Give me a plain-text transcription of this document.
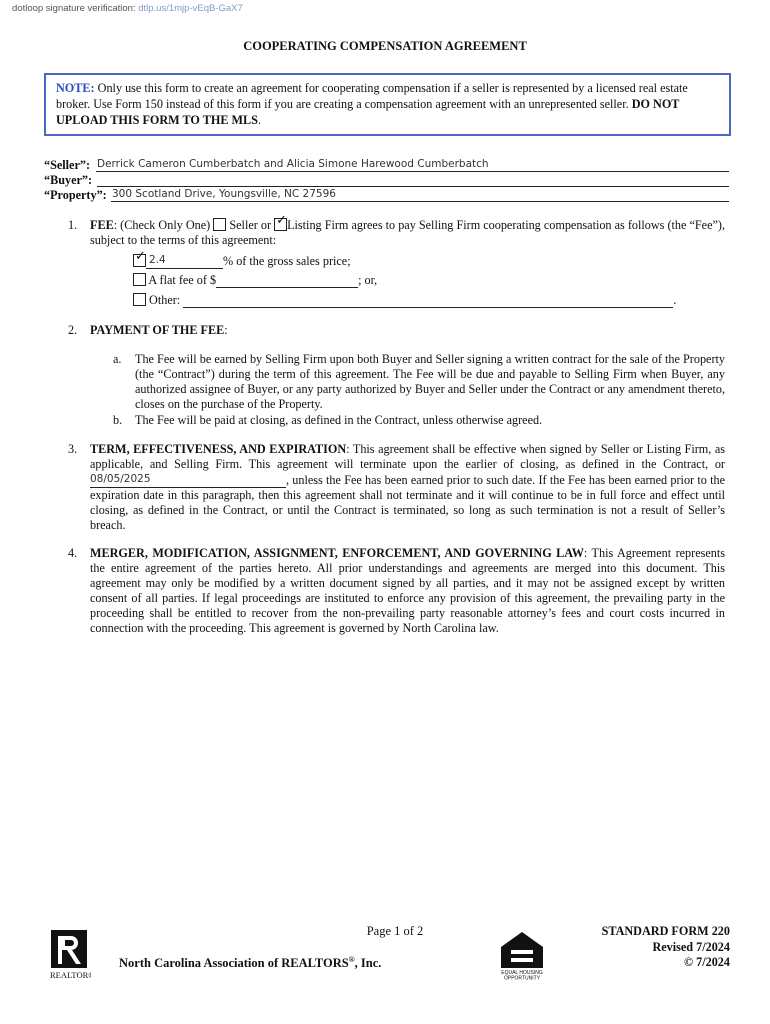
dotloop signature verification: dtlp.us/1mjp-vEqB-GaX7
COOPERATING COMPENSATION AGREEMENT
NOTE: Only use this form to create an agreement for cooperating compensation if a seller is represented by a licensed real estate broker. Use Form 150 instead of this form if you are creating a compensation agreement with an unrepresented seller. DO NOT UPLOAD THIS FORM TO THE MLS.
“Seller”: Derrick Cameron Cumberbatch and Alicia Simone Harewood Cumberbatch
“Buyer”:
“Property”: 300 Scotland Drive, Youngsville, NC 27596
1. FEE: (Check Only One)
Seller or ✓ Listing Firm agrees to pay Selling Firm cooperating compensation as follows (the “Fee”), subject to the terms of this agreement:
✓ 2.4	% of the gross sales price;
A flat fee of $	; or,
Other:	.
2. PAYMENT OF THE FEE:
a. The Fee will be earned by Selling Firm upon both Buyer and Seller signing a written contract for the sale of the Property (the “Contract”) during the term of this agreement. The Fee will be due and payable to Selling Firm when Buyer, any authorized assignee of Buyer, or any party authorized by Buyer and Seller under the Contract or any amendment thereto, closes on the purchase of the Property.
b. The Fee will be paid at closing, as defined in the Contract, unless otherwise agreed.
3. TERM, EFFECTIVENESS, AND EXPIRATION: This agreement shall be effective when signed by Seller or Listing Firm, as applicable, and Selling Firm. This agreement will terminate upon the earlier of closing, as defined in the Contract, or 08/05/2025	, unless the Fee has been earned prior to such date. If the Fee has been earned prior to the expiration date in this paragraph, then this agreement shall not terminate and it will continue to be in full force and effect until closing, as defined in the Contract, or until the Contract is terminated, so long as such termination is not a result of Seller’s breach.
4. MERGER, MODIFICATION, ASSIGNMENT, ENFORCEMENT, AND GOVERNING LAW: This Agreement represents the entire agreement of the parties hereto. All prior understandings and agreements are merged into this document. This agreement may only be modified by a written document signed by all parties, and it may not be assigned except by written consent of all parties. If legal proceedings are instituted to enforce any provision of this agreement, the prevailing party in the proceeding shall be entitled to recover from the non-prevailing party reasonable attorney’s fees and court costs incurred in connection with the proceeding. This agreement is governed by North Carolina law.
Page 1 of 2
North Carolina Association of REALTORS®, Inc.
REALTOR®	EQUAL HOUSING
OPPORTUNITY
STANDARD FORM 220
Revised 7/2024
© 7/2024
